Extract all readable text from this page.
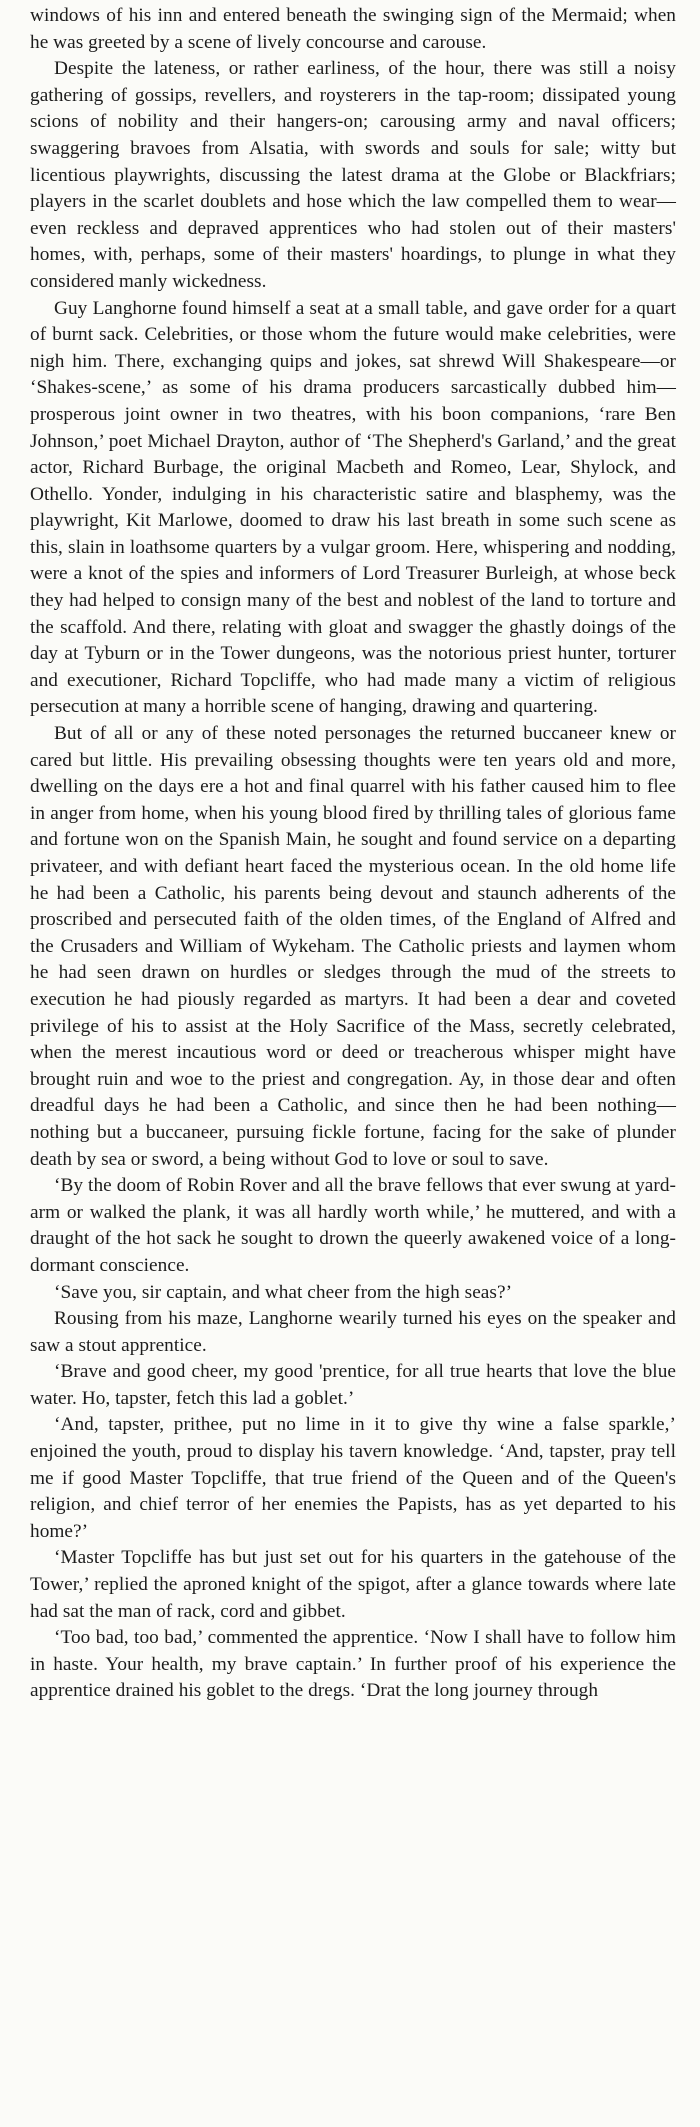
windows of his inn and entered beneath the swinging sign of the Mermaid; when he was greeted by a scene of lively concourse and carouse.

Despite the lateness, or rather earliness, of the hour, there was still a noisy gathering of gossips, revellers, and roysterers in the tap-room; dissipated young scions of nobility and their hangers-on; carousing army and naval officers; swaggering bravoes from Alsatia, with swords and souls for sale; witty but licentious playwrights, discussing the latest drama at the Globe or Blackfriars; players in the scarlet doublets and hose which the law compelled them to wear—even reckless and depraved apprentices who had stolen out of their masters' homes, with, perhaps, some of their masters' hoardings, to plunge in what they considered manly wickedness.

Guy Langhorne found himself a seat at a small table, and gave order for a quart of burnt sack. Celebrities, or those whom the future would make celebrities, were nigh him. There, exchanging quips and jokes, sat shrewd Will Shakespeare—or ‘Shakes-scene,’ as some of his drama producers sarcastically dubbed him—prosperous joint owner in two theatres, with his boon companions, ‘rare Ben Johnson,’ poet Michael Drayton, author of ‘The Shepherd's Garland,’ and the great actor, Richard Burbage, the original Macbeth and Romeo, Lear, Shylock, and Othello. Yonder, indulging in his characteristic satire and blasphemy, was the playwright, Kit Marlowe, doomed to draw his last breath in some such scene as this, slain in loathsome quarters by a vulgar groom. Here, whispering and nodding, were a knot of the spies and informers of Lord Treasurer Burleigh, at whose beck they had helped to consign many of the best and noblest of the land to torture and the scaffold. And there, relating with gloat and swagger the ghastly doings of the day at Tyburn or in the Tower dungeons, was the notorious priest hunter, torturer and executioner, Richard Topcliffe, who had made many a victim of religious persecution at many a horrible scene of hanging, drawing and quartering.

But of all or any of these noted personages the returned buccaneer knew or cared but little. His prevailing obsessing thoughts were ten years old and more, dwelling on the days ere a hot and final quarrel with his father caused him to flee in anger from home, when his young blood fired by thrilling tales of glorious fame and fortune won on the Spanish Main, he sought and found service on a departing privateer, and with defiant heart faced the mysterious ocean. In the old home life he had been a Catholic, his parents being devout and staunch adherents of the proscribed and persecuted faith of the olden times, of the England of Alfred and the Crusaders and William of Wykeham. The Catholic priests and laymen whom he had seen drawn on hurdles or sledges through the mud of the streets to execution he had piously regarded as martyrs. It had been a dear and coveted privilege of his to assist at the Holy Sacrifice of the Mass, secretly celebrated, when the merest incautious word or deed or treacherous whisper might have brought ruin and woe to the priest and congregation. Ay, in those dear and often dreadful days he had been a Catholic, and since then he had been nothing—nothing but a buccaneer, pursuing fickle fortune, facing for the sake of plunder death by sea or sword, a being without God to love or soul to save.

‘By the doom of Robin Rover and all the brave fellows that ever swung at yard-arm or walked the plank, it was all hardly worth while,’ he muttered, and with a draught of the hot sack he sought to drown the queerly awakened voice of a long-dormant conscience.

‘Save you, sir captain, and what cheer from the high seas?’

Rousing from his maze, Langhorne wearily turned his eyes on the speaker and saw a stout apprentice.

‘Brave and good cheer, my good 'prentice, for all true hearts that love the blue water. Ho, tapster, fetch this lad a goblet.’

‘And, tapster, prithee, put no lime in it to give thy wine a false sparkle,’ enjoined the youth, proud to display his tavern knowledge. ‘And, tapster, pray tell me if good Master Topcliffe, that true friend of the Queen and of the Queen's religion, and chief terror of her enemies the Papists, has as yet departed to his home?’

‘Master Topcliffe has but just set out for his quarters in the gatehouse of the Tower,’ replied the aproned knight of the spigot, after a glance towards where late had sat the man of rack, cord and gibbet.

‘Too bad, too bad,’ commented the apprentice. ‘Now I shall have to follow him in haste. Your health, my brave captain.’ In further proof of his experience the apprentice drained his goblet to the dregs. ‘Drat the long journey through
